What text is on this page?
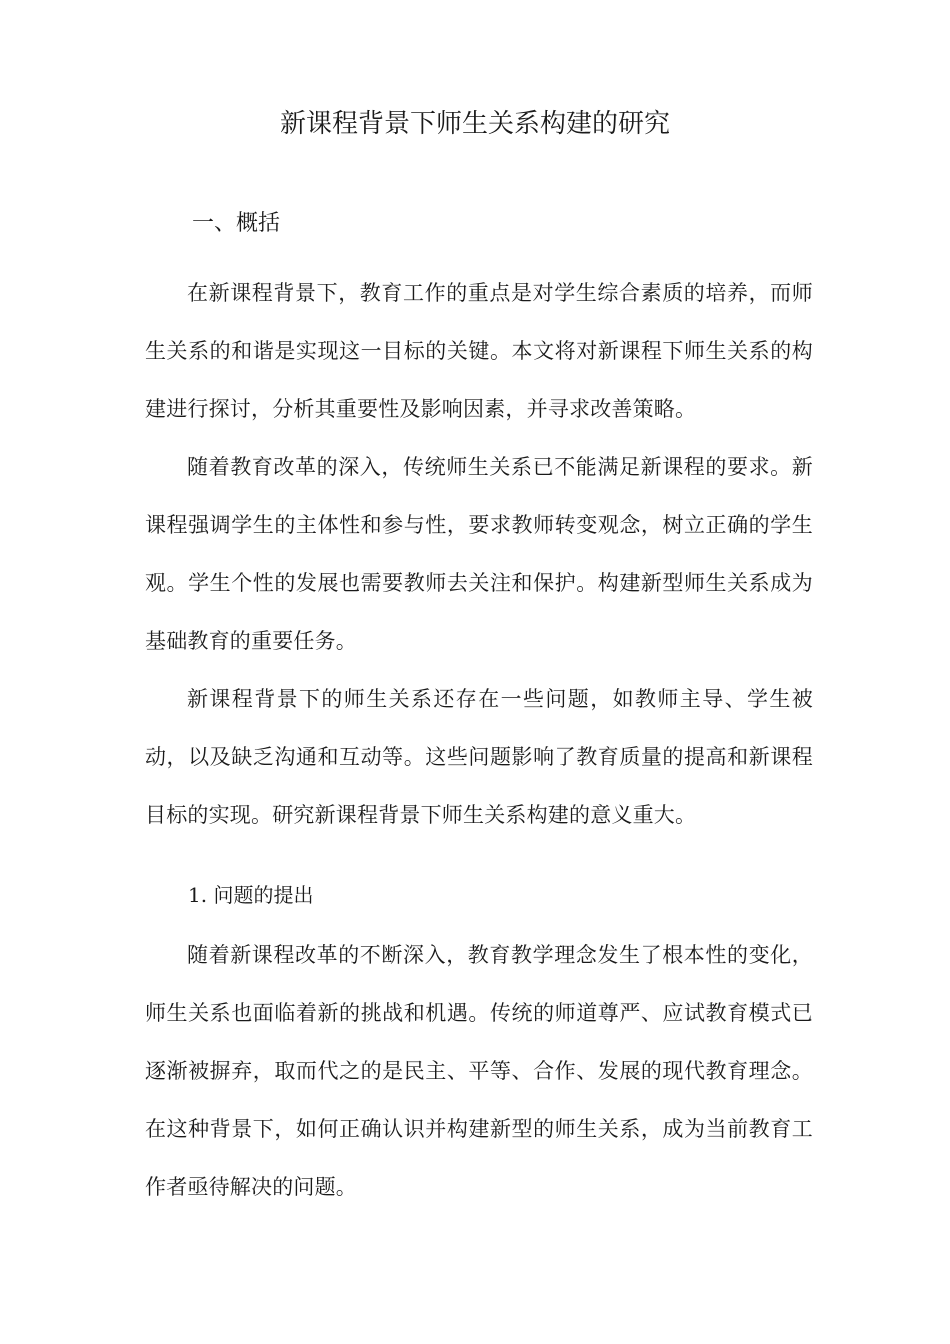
新课程背景下师生关系构建的研究
一、概括

在新课程背景下，教育工作的重点是对学生综合素质的培养，而师生关系的和谐是实现这一目标的关键。本文将对新课程下师生关系的构建进行探讨，分析其重要性及影响因素，并寻求改善策略。

随着教育改革的深入，传统师生关系已不能满足新课程的要求。新课程强调学生的主体性和参与性，要求教师转变观念，树立正确的学生观。学生个性的发展也需要教师去关注和保护。构建新型师生关系成为基础教育的重要任务。

新课程背景下的师生关系还存在一些问题，如教师主导、学生被动，以及缺乏沟通和互动等。这些问题影响了教育质量的提高和新课程目标的实现。研究新课程背景下师生关系构建的意义重大。

1. 问题的提出

随着新课程改革的不断深入，教育教学理念发生了根本性的变化，师生关系也面临着新的挑战和机遇。传统的师道尊严、应试教育模式已逐渐被摒弃，取而代之的是民主、平等、合作、发展的现代教育理念。在这种背景下，如何正确认识并构建新型的师生关系，成为当前教育工作者亟待解决的问题。
